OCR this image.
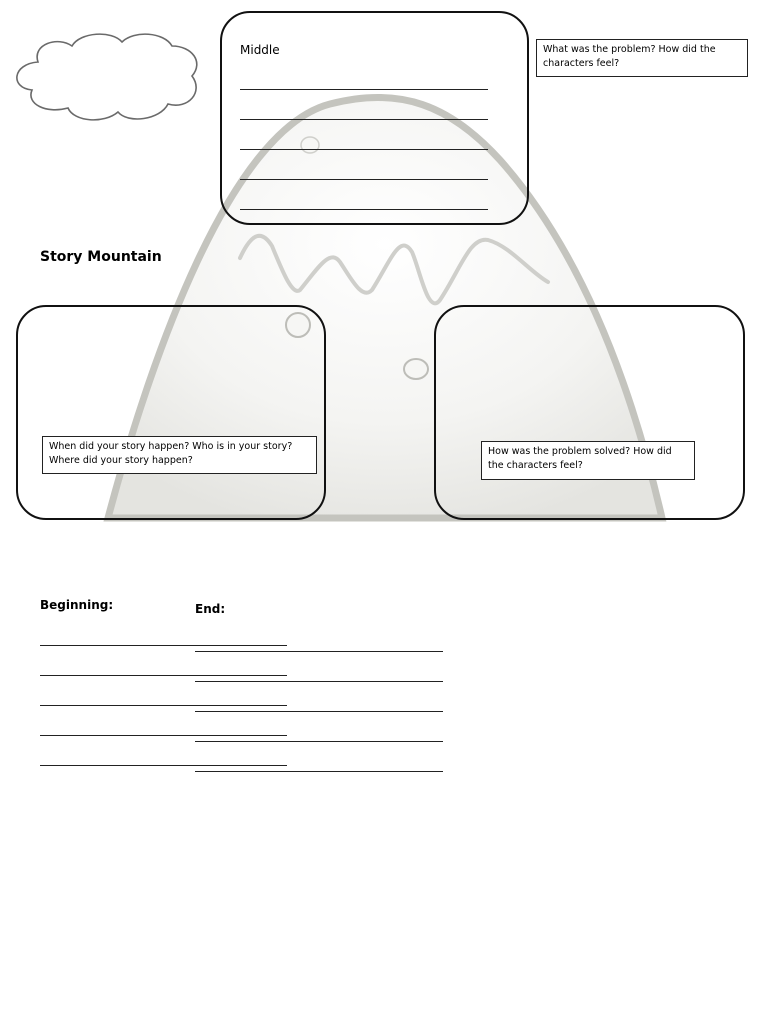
Middle	What was the problem? How did the characters feel?
Story Mountain
When did your story happen? Who is in your story?
Where did your story happen?
How was the problem solved? How did the characters feel?
Beginning:	End:
